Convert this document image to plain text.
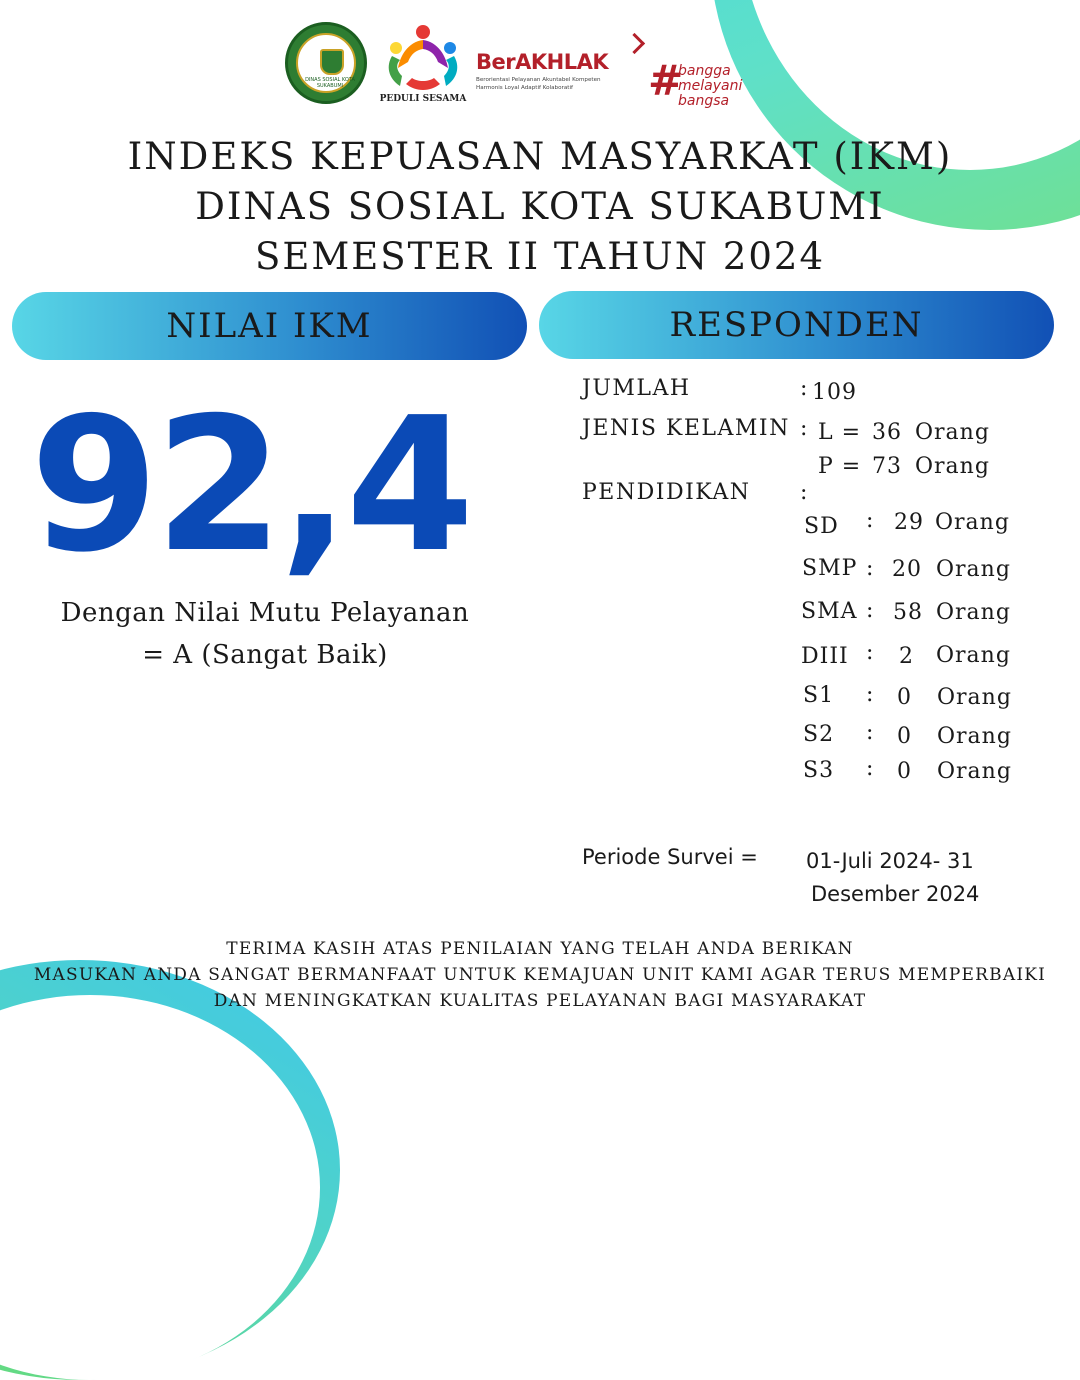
DINAS SOSIAL KOTA SUKABUMI
PEDULI SESAMA
BerAKHLAK
Berorientasi Pelayanan Akuntabel Kompeten
Harmonis Loyal Adaptif Kolaboratif	#
bangga
melayani
bangsa
INDEKS KEPUASAN MASYARKAT (IKM)
DINAS SOSIAL KOTA SUKABUMI
SEMESTER II TAHUN 2024
NILAI IKM	RESPONDEN
92,4
Dengan Nilai Mutu Pelayanan
= A (Sangat Baik)
JUMLAH	: 109
JENIS KELAMIN : L = 36 Orang
P = 73 Orang
PENDIDIKAN :
SD : 29 Orang
SMP : 20 Orang
SMA : 58 Orang
DIII : 2 Orang
S1 : 0 Orang
S2 : 0 Orang
S3 : 0 Orang
Periode Survei = 01-Juli 2024- 31
Desember 2024
TERIMA KASIH ATAS PENILAIAN YANG TELAH ANDA BERIKAN
MASUKAN ANDA SANGAT BERMANFAAT UNTUK KEMAJUAN UNIT KAMI AGAR TERUS MEMPERBAIKI
DAN MENINGKATKAN KUALITAS PELAYANAN BAGI MASYARAKAT
